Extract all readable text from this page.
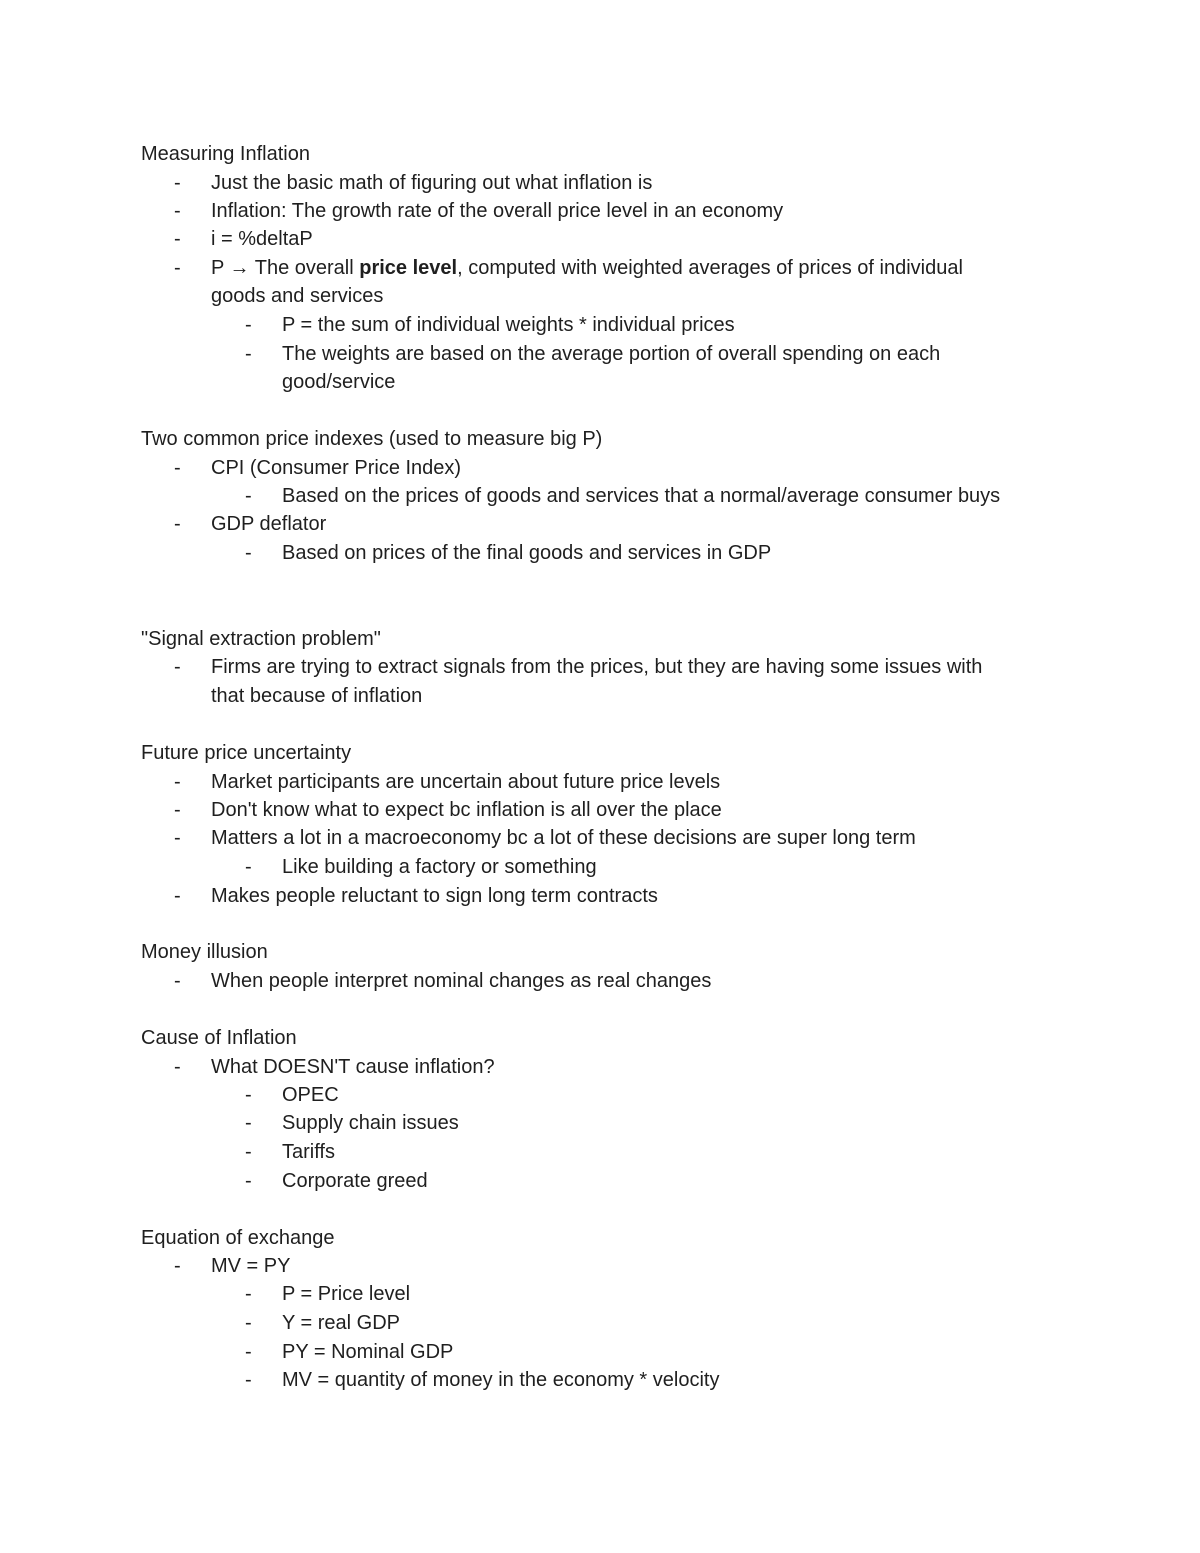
Measuring Inflation
- Just the basic math of figuring out what inflation is
- Inflation: The growth rate of the overall price level in an economy
- i = %deltaP
- P → The overall price level, computed with weighted averages of prices of individual
goods and services
- P = the sum of individual weights * individual prices
- The weights are based on the average portion of overall spending on each
good/service
Two common price indexes (used to measure big P)
- CPI (Consumer Price Index)
- Based on the prices of goods and services that a normal/average consumer buys
- GDP deflator
- Based on prices of the final goods and services in GDP
"Signal extraction problem"
- Firms are trying to extract signals from the prices, but they are having some issues with
that because of inflation
Future price uncertainty
- Market participants are uncertain about future price levels
- Don't know what to expect bc inflation is all over the place
- Matters a lot in a macroeconomy bc a lot of these decisions are super long term
- Like building a factory or something
- Makes people reluctant to sign long term contracts
Money illusion
- When people interpret nominal changes as real changes
Cause of Inflation
- What DOESN'T cause inflation?
- OPEC
- Supply chain issues
- Tariffs
- Corporate greed
Equation of exchange
- MV = PY
- P = Price level
- Y = real GDP
- PY = Nominal GDP
- MV = quantity of money in the economy * velocity
